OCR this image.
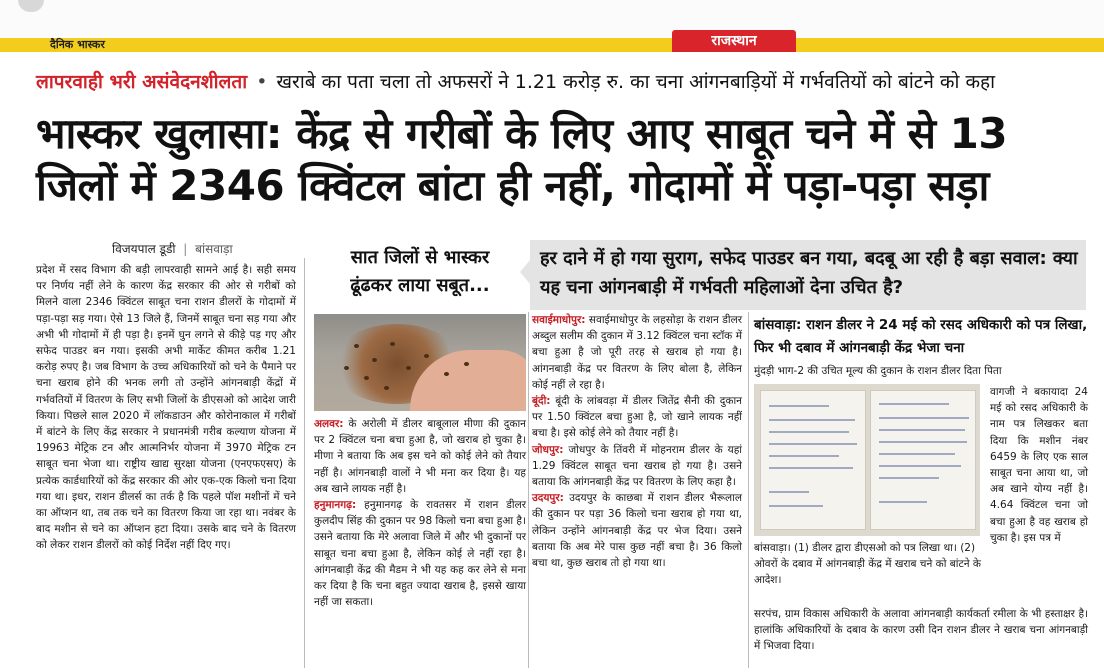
दैनिक भास्कर	राजस्थान
लापरवाही भरी असंवेदनशीलता • खराबे का पता चला तो अफसरों ने 1.21 करोड़ रु. का चना आंगनबाड़ियों में गर्भवतियों को बांटने को कहा
भास्कर खुलासा: केंद्र से गरीबों के लिए आए साबूत चने में से 13 जिलों में 2346 क्विंटल बांटा ही नहीं, गोदामों में पड़ा-पड़ा सड़ा
विजयपाल डूडी | बांसवाड़ा

प्रदेश में रसद विभाग की बड़ी लापरवाही सामने आई है। सही समय पर निर्णय नहीं लेने के कारण केंद्र सरकार की ओर से गरीबों को मिलने वाला 2346 क्विंटल साबूत चना राशन डीलरों के गोदामों में पड़ा-पड़ा सड़ गया। ऐसे 13 जिले हैं, जिनमें साबूत चना सड़ गया और अभी भी गोदामों में ही पड़ा है। इनमें घुन लगने से कीड़े पड़ गए और सफेद पाउडर बन गया। इसकी अभी मार्केट कीमत करीब 1.21 करोड़ रुपए है। जब विभाग के उच्च अधिकारियों को चने के पैमाने पर चना खराब होने की भनक लगी तो उन्होंने आंगनबाड़ी केंद्रों में गर्भवतियों में वितरण के लिए सभी जिलों के डीएसओ को आदेश जारी किया। पिछले साल 2020 में लॉकडाउन और कोरोनाकाल में गरीबों में बांटने के लिए केंद्र सरकार ने प्रधानमंत्री गरीब कल्याण योजना में 19963 मेट्रिक टन और आत्मनिर्भर योजना में 3970 मेट्रिक टन साबूत चना भेजा था। राष्ट्रीय खाद्य सुरक्षा योजना (एनएफएसए) के प्रत्येक कार्डधारियों को केंद्र सरकार की ओर एक-एक किलो चना दिया गया था। इधर, राशन डीलर्स का तर्क है कि पहले पॉश मशीनों में चने का ऑप्शन था, तब तक चने का वितरण किया जा रहा था। नवंबर के बाद मशीन से चने का ऑप्शन हटा दिया। उसके बाद चने के वितरण को लेकर राशन डीलरों को कोई निर्देश नहीं दिए गए।

सात जिलों से भास्कर
ढूंढकर लाया सबूत...

अलवर: के अरोली में डीलर बाबूलाल मीणा की दुकान पर 2 क्विंटल चना बचा हुआ है, जो खराब हो चुका है। मीणा ने बताया कि अब इस चने को कोई लेने को तैयार नहीं है। आंगनबाड़ी वालों ने भी मना कर दिया है। यह अब खाने लायक नहीं है।

हनुमानगढ़: हनुमानगढ़ के रावतसर में राशन डीलर कुलदीप सिंह की दुकान पर 98 किलो चना बचा हुआ है। उसने बताया कि मेरे अलावा जिले में और भी दुकानों पर साबूत चना बचा हुआ है, लेकिन कोई ले नहीं रहा है। आंगनबाड़ी केंद्र की मैडम ने भी यह कह कर लेने से मना कर दिया है कि चना बहुत ज्यादा खराब है, इससे खाया नहीं जा सकता।

हर दाने में हो गया सुराग, सफेद पाउडर बन गया, बदबू आ रही है बड़ा सवाल: क्या यह चना आंगनबाड़ी में गर्भवती महिलाओं देना उचित है?

सवाईमाधोपुर: सवाईमाधोपुर के लहसोड़ा के राशन डीलर अब्दुल सलीम की दुकान में 3.12 क्विंटल चना स्टॉक में बचा हुआ है जो पूरी तरह से खराब हो गया है। आंगनबाड़ी केंद्र पर वितरण के लिए बोला है, लेकिन कोई नहीं ले रहा है।

बूंदी: बूंदी के लांबवड़ा में डीलर जितेंद्र सैनी की दुकान पर 1.50 क्विंटल बचा हुआ है, जो खाने लायक नहीं बचा है। इसे कोई लेने को तैयार नहीं है।

जोधपुर: जोधपुर के तिंवरी में मोहनराम डीलर के यहां 1.29 क्विंटल साबूत चना खराब हो गया है। उसने बताया कि आंगनबाड़ी केंद्र पर वितरण के लिए कहा है।

उदयपुर: उदयपुर के काछबा में राशन डीलर भैरूलाल की दुकान पर पड़ा 36 किलो चना खराब हो गया था, लेकिन उन्होंने आंगनबाड़ी केंद्र पर भेज दिया। उसने बताया कि अब मेरे पास कुछ नहीं बचा है। 36 किलो बचा था, कुछ खराब तो हो गया था।

बांसवाड़ा: राशन डीलर ने 24 मई को रसद अधिकारी को पत्र लिखा, फिर भी दबाव में आंगनबाड़ी केंद्र भेजा चना
मुंदड़ी भाग-2 की उचित मूल्य की दुकान के राशन डीलर दिता पिता

वागजी ने बकायादा 24 मई को रसद अधिकारी के नाम पत्र लिखकर बता दिया कि मशीन नंबर 6459 के लिए एक साल साबूत चना आया था, जो अब खाने योग्य नहीं है। 4.64 क्विंटल चना जो बचा हुआ है वह खराब हो चुका है। इस पत्र में

बांसवाड़ा। (1) डीलर द्वारा डीएसओ को पत्र लिखा था। (2) ओवरों के दबाव में आंगनबाड़ी केंद्र में खराब चने को बांटने के आदेश।

सरपंच, ग्राम विकास अधिकारी के अलावा आंगनबाड़ी कार्यकर्ता रमीला के भी हस्ताक्षर है। हालांकि अधिकारियों के दबाव के कारण उसी दिन राशन डीलर ने खराब चना आंगनबाड़ी में भिजवा दिया।
